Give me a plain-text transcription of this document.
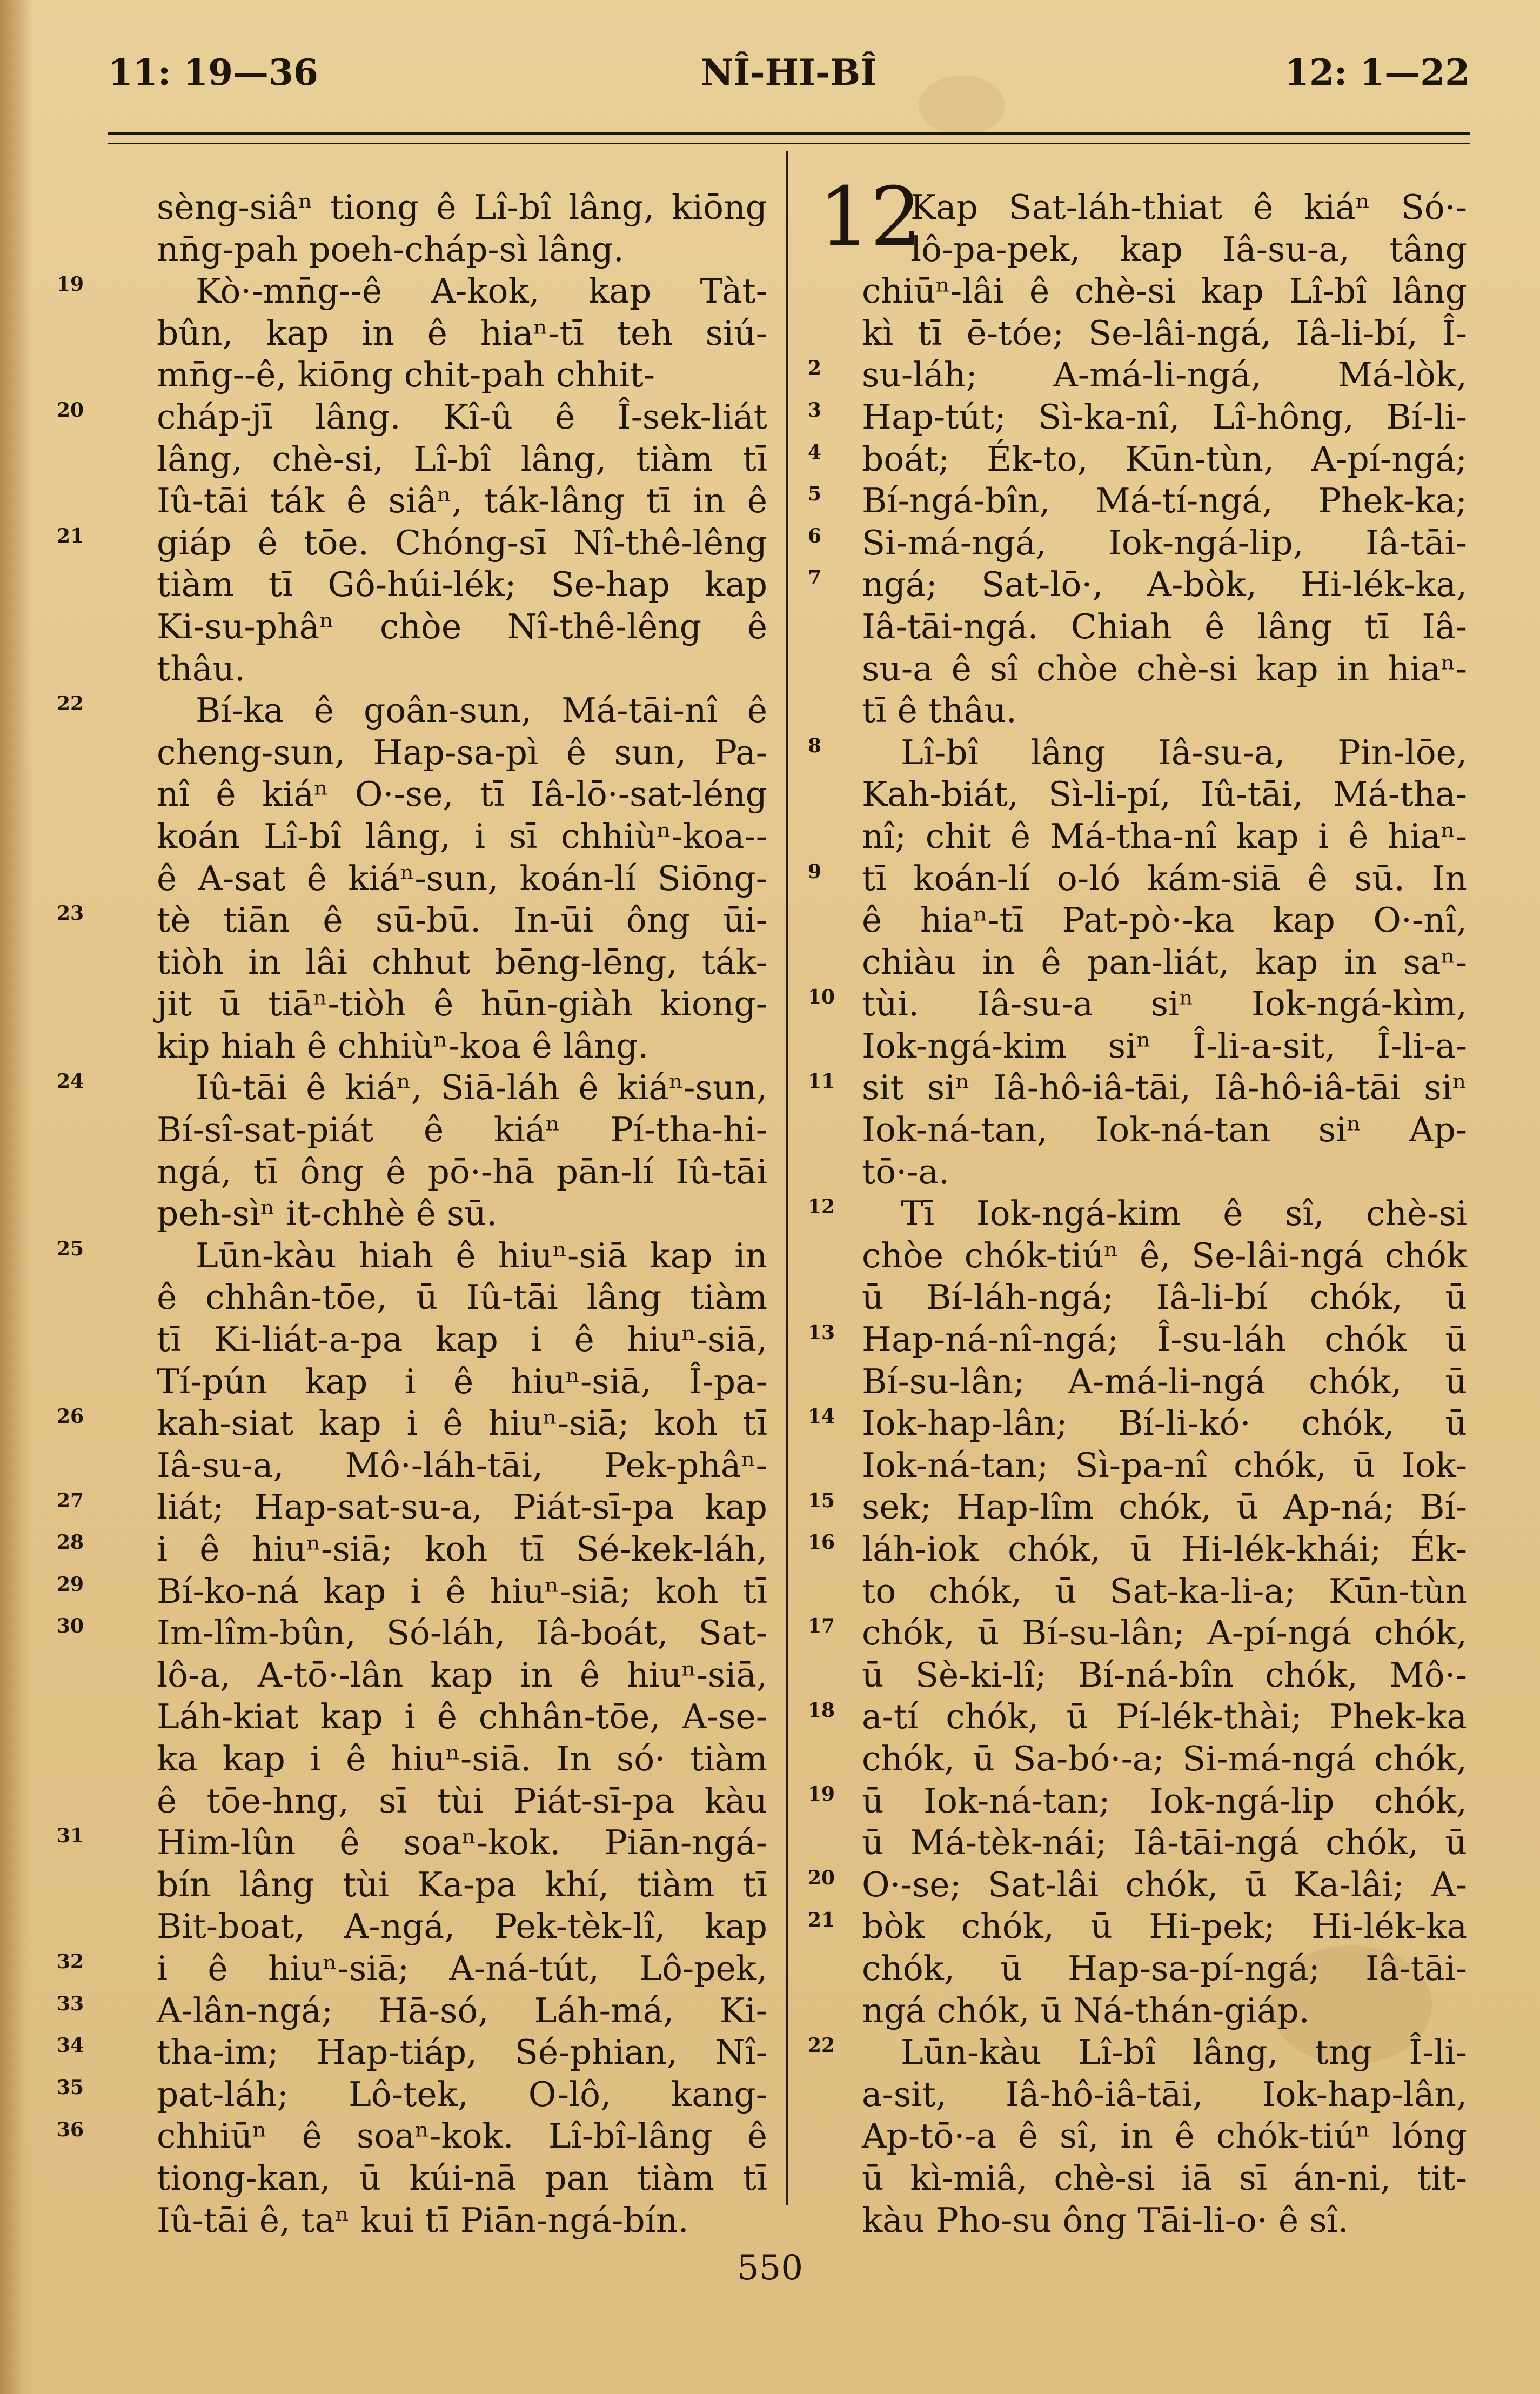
11: 19—36	NÎ-HI-BÎ	12: 1—22
sèng-siâⁿ tiong ê Lî-bî lâng, kiōng
nn̄g-pah poeh-cháp-sì lâng.
Kò·-mn̄g--ê A-kok, kap Tàt-
19
bûn, kap in ê hiaⁿ-tī teh siú-
mn̄g--ê, kiōng chit-pah chhit-
cháp-jī lâng. Kî-û ê Î-sek-liát
20
lâng, chè-si, Lî-bî lâng, tiàm tī
Iû-tāi ták ê siâⁿ, ták-lâng tī in ê
giáp ê tōe. Chóng-sī Nî-thê-lêng
21
tiàm tī Gô-húi-lék; Se-hap kap
Ki-su-phâⁿ chòe Nî-thê-lêng ê
thâu.
Bí-ka ê goân-sun, Má-tāi-nî ê
22
cheng-sun, Hap-sa-pì ê sun, Pa-
nî ê kiáⁿ O·-se, tī Iâ-lō·-sat-léng
koán Lî-bî lâng, i sī chhiùⁿ-koa--
ê A-sat ê kiáⁿ-sun, koán-lí Siōng-
tè tiān ê sū-bū. In-ūi ông ūi-
23
tiòh in lâi chhut bēng-lēng, ták-
jit ū tiāⁿ-tiòh ê hūn-giàh kiong-
kip hiah ê chhiùⁿ-koa ê lâng.
Iû-tāi ê kiáⁿ, Siā-láh ê kiáⁿ-sun,
24
Bí-sî-sat-piát ê kiáⁿ Pí-tha-hi-
ngá, tī ông ê pō·-hā pān-lí Iû-tāi
peh-sìⁿ it-chhè ê sū.
Lūn-kàu hiah ê hiuⁿ-siā kap in
25
ê chhân-tōe, ū Iû-tāi lâng tiàm
tī Ki-liát-a-pa kap i ê hiuⁿ-siā,
Tí-pún kap i ê hiuⁿ-siā, Î-pa-
kah-siat kap i ê hiuⁿ-siā; koh tī
26
Iâ-su-a, Mô·-láh-tāi, Pek-phâⁿ-
liát; Hap-sat-su-a, Piát-sī-pa kap
27
i ê hiuⁿ-siā; koh tī Sé-kek-láh,
28
Bí-ko-ná kap i ê hiuⁿ-siā; koh tī
29
Im-lîm-bûn, Só-láh, Iâ-boát, Sat-
30
lô-a, A-tō·-lân kap in ê hiuⁿ-siā,
Láh-kiat kap i ê chhân-tōe, A-se-
ka kap i ê hiuⁿ-siā. In só· tiàm
ê tōe-hng, sī tùi Piát-sī-pa kàu
Him-lûn ê soaⁿ-kok. Piān-ngá-
31
bín lâng tùi Ka-pa khí, tiàm tī
Bit-boat, A-ngá, Pek-tèk-lî, kap
i ê hiuⁿ-siā; A-ná-tút, Lô-pek,
32
A-lân-ngá; Hā-só, Láh-má, Ki-
33
tha-im; Hap-tiáp, Sé-phian, Nî-
34
pat-láh; Lô-tek, O-lô, kang-
35
chhiūⁿ ê soaⁿ-kok. Lî-bî-lâng ê
36
tiong-kan, ū kúi-nā pan tiàm tī
Iû-tāi ê, taⁿ kui tī Piān-ngá-bín.
12
Kap Sat-láh-thiat ê kiáⁿ Só·-
lô-pa-pek, kap Iâ-su-a, tâng
chiūⁿ-lâi ê chè-si kap Lî-bî lâng
kì tī ē-tóe; Se-lâi-ngá, Iâ-li-bí, Î-
su-láh; A-má-li-ngá, Má-lòk,
2
Hap-tút; Sì-ka-nî, Lî-hông, Bí-li-
3
boát; Ék-to, Kūn-tùn, A-pí-ngá;
4
Bí-ngá-bîn, Má-tí-ngá, Phek-ka;
5
Si-má-ngá, Iok-ngá-lip, Iâ-tāi-
6
ngá; Sat-lō·, A-bòk, Hi-lék-ka,
7
Iâ-tāi-ngá. Chiah ê lâng tī Iâ-
su-a ê sî chòe chè-si kap in hiaⁿ-
tī ê thâu.
Lî-bî lâng Iâ-su-a, Pin-lōe,
8
Kah-biát, Sì-li-pí, Iû-tāi, Má-tha-
nî; chit ê Má-tha-nî kap i ê hiaⁿ-
tī koán-lí o-ló kám-siā ê sū. In
9
ê hiaⁿ-tī Pat-pò·-ka kap O·-nî,
chiàu in ê pan-liát, kap in saⁿ-
tùi. Iâ-su-a siⁿ Iok-ngá-kìm,
10
Iok-ngá-kim siⁿ Î-li-a-sit, Î-li-a-
sit siⁿ Iâ-hô-iâ-tāi, Iâ-hô-iâ-tāi siⁿ
11
Iok-ná-tan, Iok-ná-tan siⁿ Ap-
tō·-a.
Tī Iok-ngá-kim ê sî, chè-si
12
chòe chók-tiúⁿ ê, Se-lâi-ngá chók
ū Bí-láh-ngá; Iâ-li-bí chók, ū
Hap-ná-nî-ngá; Î-su-láh chók ū
13
Bí-su-lân; A-má-li-ngá chók, ū
Iok-hap-lân; Bí-li-kó· chók, ū
14
Iok-ná-tan; Sì-pa-nî chók, ū Iok-
sek; Hap-lîm chók, ū Ap-ná; Bí-
15
láh-iok chók, ū Hi-lék-khái; Ék-
16
to chók, ū Sat-ka-li-a; Kūn-tùn
chók, ū Bí-su-lân; A-pí-ngá chók,
17
ū Sè-ki-lî; Bí-ná-bîn chók, Mô·-
a-tí chók, ū Pí-lék-thài; Phek-ka
18
chók, ū Sa-bó·-a; Si-má-ngá chók,
ū Iok-ná-tan; Iok-ngá-lip chók,
19
ū Má-tèk-nái; Iâ-tāi-ngá chók, ū
O·-se; Sat-lâi chók, ū Ka-lâi; A-
20
bòk chók, ū Hi-pek; Hi-lék-ka
21
chók, ū Hap-sa-pí-ngá; Iâ-tāi-
ngá chók, ū Ná-thán-giáp.
Lūn-kàu Lî-bî lâng, tng Î-li-
22
a-sit, Iâ-hô-iâ-tāi, Iok-hap-lân,
Ap-tō·-a ê sî, in ê chók-tiúⁿ lóng
ū kì-miâ, chè-si iā sī án-ni, tit-
kàu Pho-su ông Tāi-li-o· ê sî.
550
